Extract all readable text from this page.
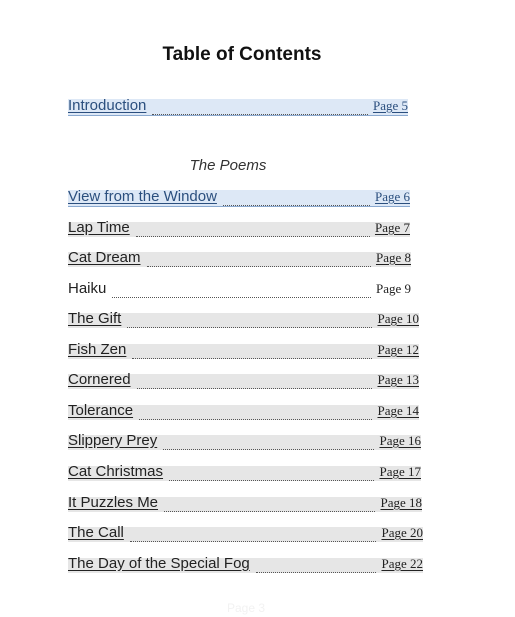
Table of Contents
Introduction	Page 5
The Poems
View from the Window	Page 6
Lap Time	Page 7
Cat Dream	Page 8
Haiku	Page 9
The Gift	Page 10
Fish Zen	Page 12
Cornered	Page 13
Tolerance	Page 14
Slippery Prey	Page 16
Cat Christmas	Page 17
It Puzzles Me	Page 18
The Call	Page 20
The Day of the Special Fog	Page 22
Page 3
